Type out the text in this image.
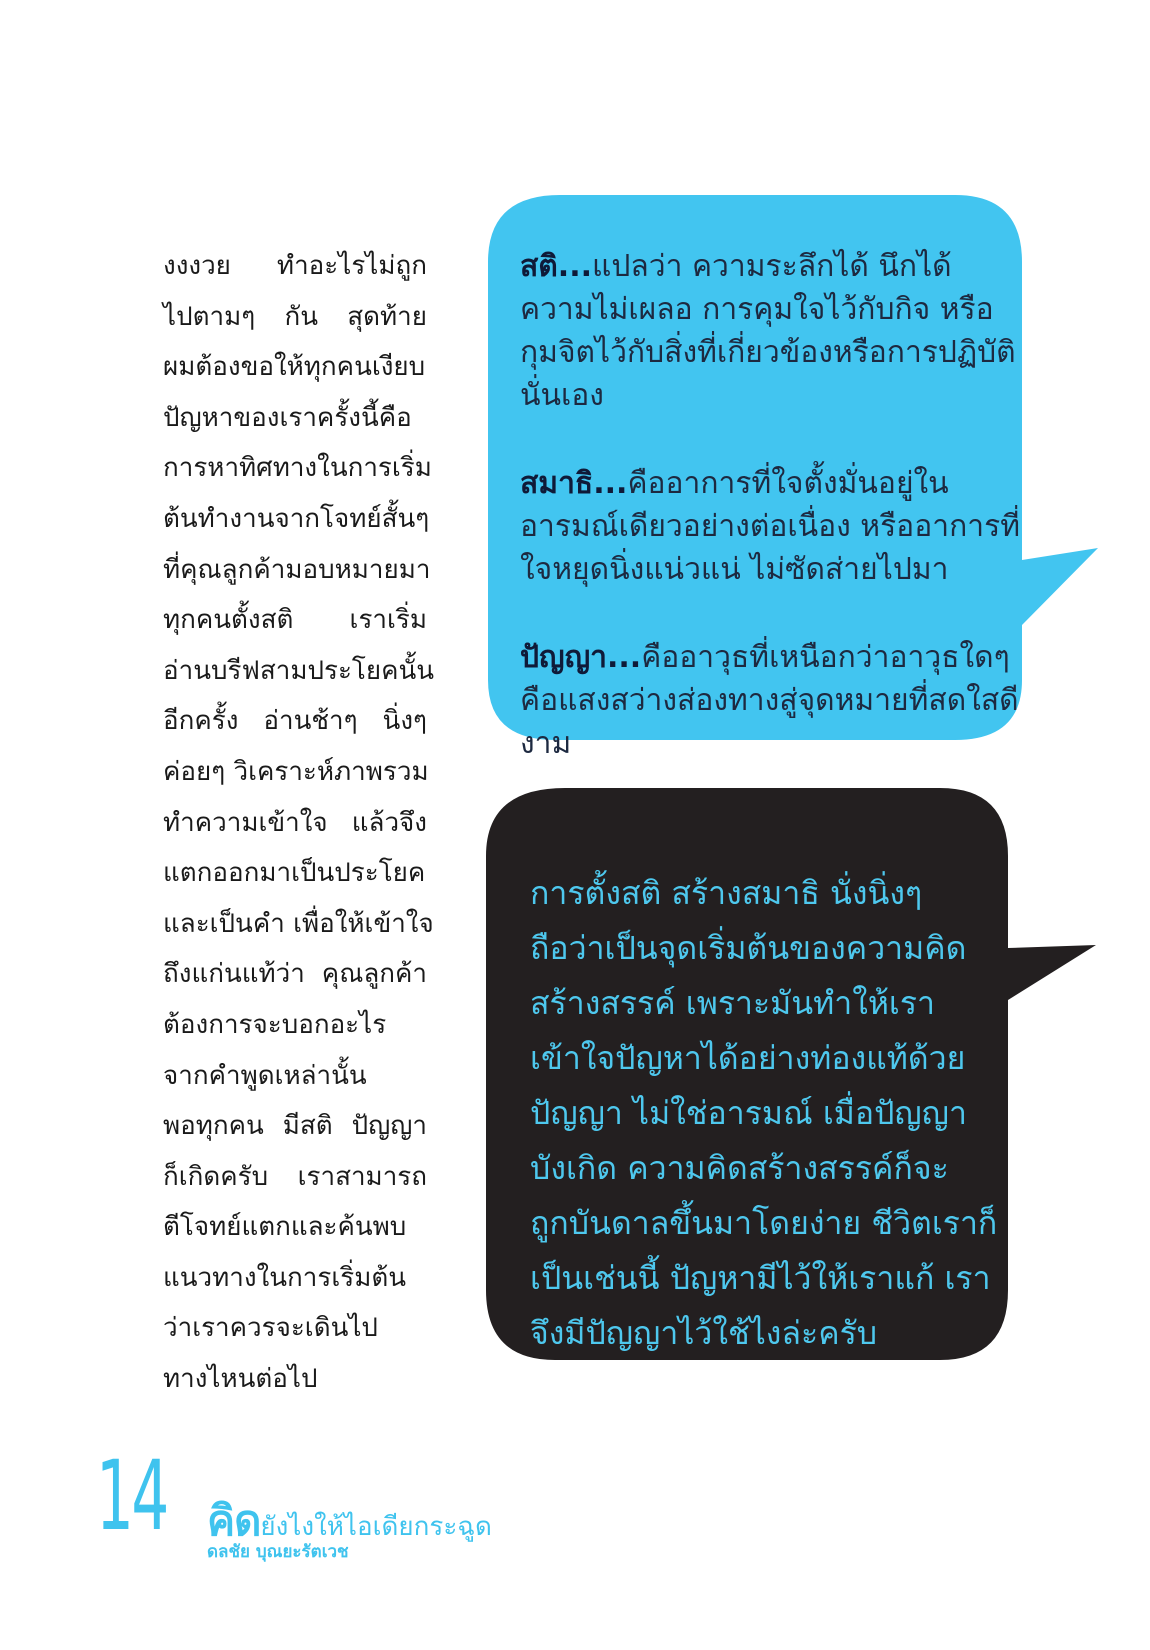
งงงวย ทำอะไรไม่ถูก
ไปตามๆ กัน สุดท้าย
ผมต้องขอให้ทุกคนเงียบ
ปัญหาของเราครั้งนี้คือ
การหาทิศทางในการเริ่ม
ต้นทำงานจากโจทย์สั้นๆ
ที่คุณลูกค้ามอบหมายมา
ทุกคนตั้งสติ เราเริ่ม
อ่านบรีฟสามประโยคนั้น
อีกครั้ง อ่านช้าๆ นิ่งๆ
ค่อยๆ วิเคราะห์ภาพรวม
ทำความเข้าใจ แล้วจึง
แตกออกมาเป็นประโยค
และเป็นคำ เพื่อให้เข้าใจ
ถึงแก่นแท้ว่า คุณลูกค้า
ต้องการจะบอกอะไร
จากคำพูดเหล่านั้น
พอทุกคน มีสติ ปัญญา
ก็เกิดครับ เราสามารถ
ตีโจทย์แตกและค้นพบ
แนวทางในการเริ่มต้น
ว่าเราควรจะเดินไป
ทางไหนต่อไป

สติ...แปลว่า ความระลึกได้ นึกได้ ความไม่เผลอ การคุมใจไว้กับกิจ หรือกุมจิตไว้กับสิ่งที่เกี่ยวข้องหรือการปฏิบัตินั่นเอง

สมาธิ...คืออาการที่ใจตั้งมั่นอยู่ในอารมณ์เดียวอย่างต่อเนื่อง หรืออาการที่ใจหยุดนิ่งแน่วแน่ ไม่ซัดส่ายไปมา

ปัญญา...คืออาวุธที่เหนือกว่าอาวุธใดๆ คือแสงสว่างส่องทางสู่จุดหมายที่สดใสดีงาม

การตั้งสติ สร้างสมาธิ นั่งนิ่งๆ
ถือว่าเป็นจุดเริ่มต้นของความคิด
สร้างสรรค์ เพราะมันทำให้เรา
เข้าใจปัญหาได้อย่างท่องแท้ด้วย
ปัญญา ไม่ใช่อารมณ์ เมื่อปัญญา
บังเกิด ความคิดสร้างสรรค์ก็จะ
ถูกบันดาลขึ้นมาโดยง่าย ชีวิตเราก็
เป็นเช่นนี้ ปัญหามีไว้ให้เราแก้ เรา
จึงมีปัญญาไว้ใช้ไงล่ะครับ
14 คิดยังไงให้ไอเดียกระฉูด
ดลชัย บุณยะรัตเวช
